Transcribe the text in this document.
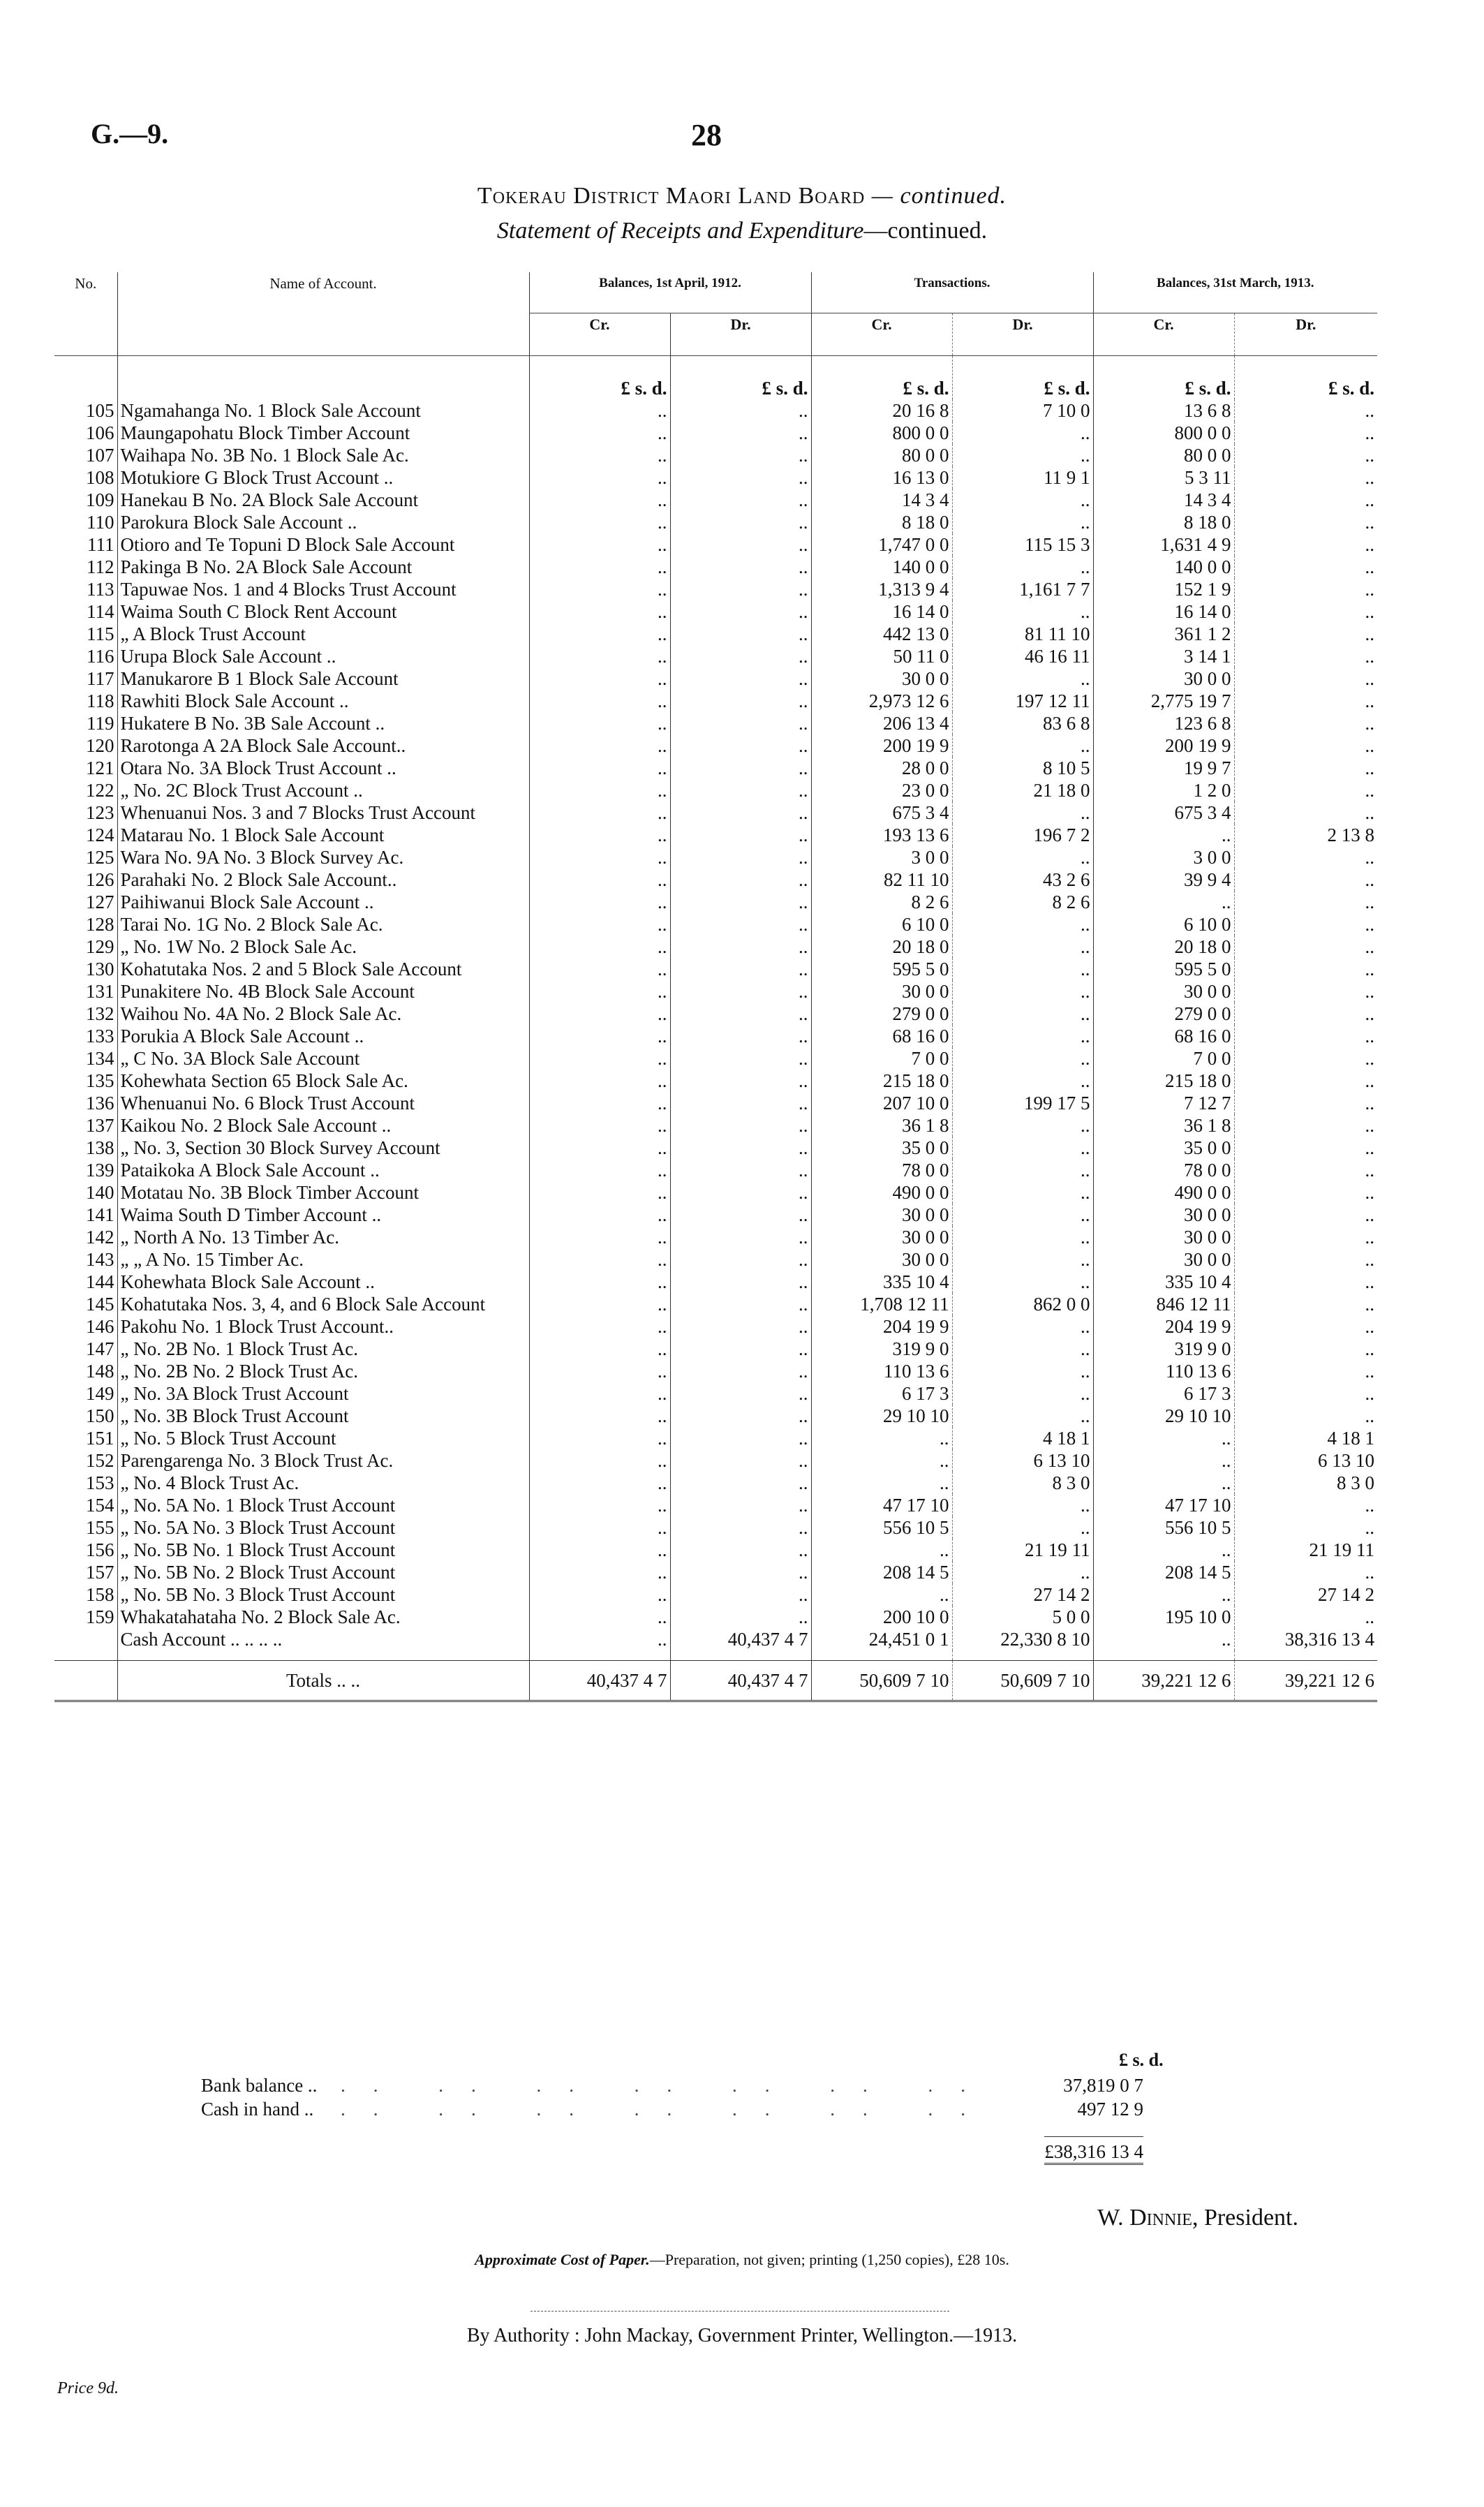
G.—9.	28
Tokerau District Maori Land Board — continued.
Statement of Receipts and Expenditure—continued.
No.	Name of Account.	Balances, 1st April, 1912.		Transactions.		Balances, 31st March, 1913.	
		Cr.	Dr.	Cr.	Dr.	Cr.	Dr.
		£ s. d.	£ s. d.	£ s. d.	£ s. d.	£ s. d.	£ s. d.
105	Ngamahanga No. 1 Block Sale Account	..	..	20 16 8	7 10 0	13 6 8	..
106	Maungapohatu Block Timber Account	..	..	800 0 0	..	800 0 0	..
107	Waihapa No. 3B No. 1 Block Sale Ac.	..	..	80 0 0	..	80 0 0	..
108	Motukiore G Block Trust Account ..	..	..	16 13 0	11 9 1	5 3 11	..
109	Hanekau B No. 2A Block Sale Account	..	..	14 3 4	..	14 3 4	..
110	Parokura Block Sale Account ..	..	..	8 18 0	..	8 18 0	..
111	Otioro and Te Topuni D Block Sale Account	..	..	1,747 0 0	115 15 3	1,631 4 9	..
112	Pakinga B No. 2A Block Sale Account	..	..	140 0 0	..	140 0 0	..
113	Tapuwae Nos. 1 and 4 Blocks Trust Account	..	..	1,313 9 4	1,161 7 7	152 1 9	..
114	Waima South C Block Rent Account	..	..	16 14 0	..	16 14 0	..
115	„ A Block Trust Account	..	..	442 13 0	81 11 10	361 1 2	..
116	Urupa Block Sale Account ..	..	..	50 11 0	46 16 11	3 14 1	..
117	Manukarore B 1 Block Sale Account	..	..	30 0 0	..	30 0 0	..
118	Rawhiti Block Sale Account ..	..	..	2,973 12 6	197 12 11	2,775 19 7	..
119	Hukatere B No. 3B Sale Account ..	..	..	206 13 4	83 6 8	123 6 8	..
120	Rarotonga A 2A Block Sale Account..	..	..	200 19 9	..	200 19 9	..
121	Otara No. 3A Block Trust Account ..	..	..	28 0 0	8 10 5	19 9 7	..
122	„ No. 2C Block Trust Account ..	..	..	23 0 0	21 18 0	1 2 0	..
123	Whenuanui Nos. 3 and 7 Blocks Trust Account	..	..	675 3 4	..	675 3 4	..
124	Matarau No. 1 Block Sale Account	..	..	193 13 6	196 7 2	..	2 13 8
125	Wara No. 9A No. 3 Block Survey Ac.	..	..	3 0 0	..	3 0 0	..
126	Parahaki No. 2 Block Sale Account..	..	..	82 11 10	43 2 6	39 9 4	..
127	Paihiwanui Block Sale Account ..	..	..	8 2 6	8 2 6	..	..
128	Tarai No. 1G No. 2 Block Sale Ac.	..	..	6 10 0	..	6 10 0	..
129	„ No. 1W No. 2 Block Sale Ac.	..	..	20 18 0	..	20 18 0	..
130	Kohatutaka Nos. 2 and 5 Block Sale Account	..	..	595 5 0	..	595 5 0	..
131	Punakitere No. 4B Block Sale Account	..	..	30 0 0	..	30 0 0	..
132	Waihou No. 4A No. 2 Block Sale Ac.	..	..	279 0 0	..	279 0 0	..
133	Porukia A Block Sale Account ..	..	..	68 16 0	..	68 16 0	..
134	„ C No. 3A Block Sale Account	..	..	7 0 0	..	7 0 0	..
135	Kohewhata Section 65 Block Sale Ac.	..	..	215 18 0	..	215 18 0	..
136	Whenuanui No. 6 Block Trust Account	..	..	207 10 0	199 17 5	7 12 7	..
137	Kaikou No. 2 Block Sale Account ..	..	..	36 1 8	..	36 1 8	..
138	„ No. 3, Section 30 Block Survey Account	..	..	35 0 0	..	35 0 0	..
139	Pataikoka A Block Sale Account ..	..	..	78 0 0	..	78 0 0	..
140	Motatau No. 3B Block Timber Account	..	..	490 0 0	..	490 0 0	..
141	Waima South D Timber Account ..	..	..	30 0 0	..	30 0 0	..
142	„ North A No. 13 Timber Ac.	..	..	30 0 0	..	30 0 0	..
143	„ „ A No. 15 Timber Ac.	..	..	30 0 0	..	30 0 0	..
144	Kohewhata Block Sale Account ..	..	..	335 10 4	..	335 10 4	..
145	Kohatutaka Nos. 3, 4, and 6 Block Sale Account	..	..	1,708 12 11	862 0 0	846 12 11	..
146	Pakohu No. 1 Block Trust Account..	..	..	204 19 9	..	204 19 9	..
147	„ No. 2B No. 1 Block Trust Ac.	..	..	319 9 0	..	319 9 0	..
148	„ No. 2B No. 2 Block Trust Ac.	..	..	110 13 6	..	110 13 6	..
149	„ No. 3A Block Trust Account	..	..	6 17 3	..	6 17 3	..
150	„ No. 3B Block Trust Account	..	..	29 10 10	..	29 10 10	..
151	„ No. 5 Block Trust Account	..	..	..	4 18 1	..	4 18 1
152	Parengarenga No. 3 Block Trust Ac.	..	..	..	6 13 10	..	6 13 10
153	„ No. 4 Block Trust Ac.	..	..	..	8 3 0	..	8 3 0
154	„ No. 5A No. 1 Block Trust Account	..	..	47 17 10	..	47 17 10	..
155	„ No. 5A No. 3 Block Trust Account	..	..	556 10 5	..	556 10 5	..
156	„ No. 5B No. 1 Block Trust Account	..	..	..	21 19 11	..	21 19 11
157	„ No. 5B No. 2 Block Trust Account	..	..	208 14 5	..	208 14 5	..
158	„ No. 5B No. 3 Block Trust Account	..	..	..	27 14 2	..	27 14 2
159	Whakatahataha No. 2 Block Sale Ac.	..	..	200 10 0	5 0 0	195 10 0	..
	Cash Account .. .. .. ..	..	40,437 4 7	24,451 0 1	22,330 8 10	..	38,316 13 4

	Totals .. ..	40,437 4 7	40,437 4 7	50,609 7 10	50,609 7 10	39,221 12 6	39,221 12 6
£ s. d.
Bank balance .. .. .. .. .. .. .. ..	37,819 0 7
Cash in hand .. .. .. .. .. .. .. ..	497 12 9
£38,316 13 4
W. Dinnie, President.
Approximate Cost of Paper.—Preparation, not given; printing (1,250 copies), £28 10s.
By Authority : John Mackay, Government Printer, Wellington.—1913.
Price 9d.
